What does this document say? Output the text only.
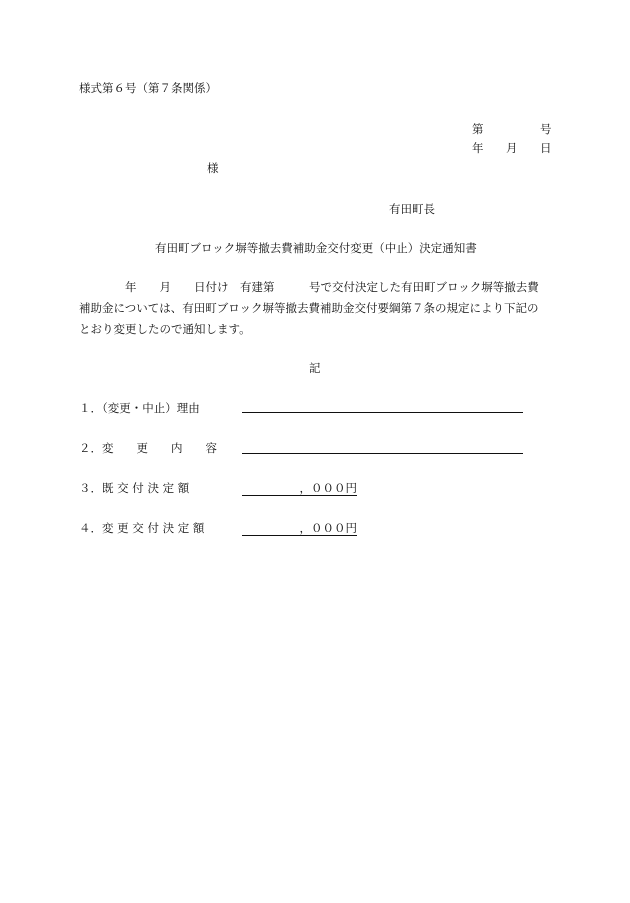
様式第６号（第７条関係）
第	号
年 月 日
様
有田町長
有田町ブロック塀等撤去費補助金交付変更（中止）決定通知書
　　　　年　　月　　日付け　有建第　　　号で交付決定した有田町ブロック塀等撤去費
補助金については、有田町ブロック塀等撤去費補助金交付要綱第７条の規定により下記の
とおり変更したので通知します。
記
１．（変更・中止）理由
２．変　　更　　内　　容
３．既 交 付 決 定 額	　　　　　，０００円
４．変 更 交 付 決 定 額	　　　　　，０００円
